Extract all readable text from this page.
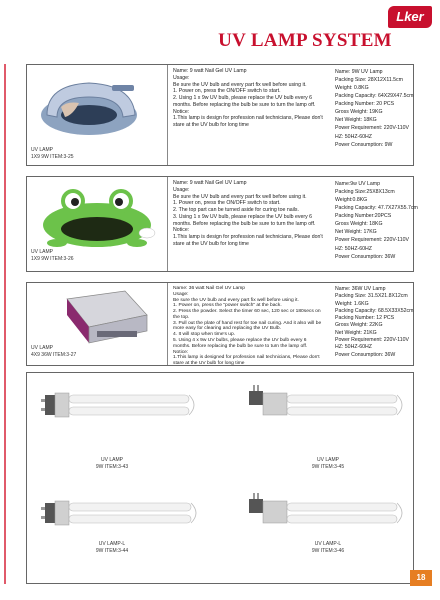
Lker
UV LAMP SYSTEM
UV LAMP
1X9 9W ITEM:3-25
Name: 9 watt Nail Gel UV Lamp
Usage:
Be sure the UV bulb and every part fix well before using it.
1. Power on, press the ON/OFF switch to start.
2. Using 1 x 9w UV bulb, please replace the UV bulb every 6 months. Before replacing the bulb be sure to turn the lamp off.
Notice:
1.This lamp is design for profession nail technicians, Please don't stare at the UV bulb for long time
Name: 9W UV Lamp
Packing Size: 28X12X11.5cm
Weight: 0.8KG
Packing Capacity: 64X29X47.5cm
Packing Number: 20 PCS
Gross Weight: 19KG
Net Weight: 18KG
Power Requirement: 220V-110V
HZ: 50HZ-60HZ
Power Consumption: 9W
UV LAMP
1X9 9W ITEM:3-26
Name: 9 watt Nail Gel UV Lamp
Usage:
Be sure the UV bulb and every part fix well before using it.
1. Power on, press the ON/OFF switch to start.
2. The top part can be turned aside for curing toe nails.
3. Using 1 x 9w UV bulb, please replace the UV bulb every 6 months. Before replacing the bulb be sure to turn the lamp off.
Notice:
1.This lamp is design for profession nail technicians, Please don't stare at the UV bulb for long time
Name:9w UV Lamp
Packing Size:25X8X13cm
Weight:0.8KG
Packing Capacity: 47.7X27X55.7cm
Packing Number:20PCS
Gross Weight: 18KG
Net Weight: 17KG
Power Requirement: 220V-110V
HZ: 50HZ-60HZ
Power Consumption: 36W
UV LAMP
4X9 36W ITEM:3-27
Name: 36 watt Nail Gel UV Lamp
Usage:
Be sure the UV bulb and every part fix well before using it.
1. Power on, press the "power switch" at the back.
2. Press the powder. Select the timer 60 sec, 120 sec or 180secs on the top.
3. Pull out the plate of hand rest for toe nail curing. And it also will be more easy for clearing and replacing the UV Bulb.
4. It will stop when time's up.
5. Using 4 x 9w UV bulbs, please replace the UV bulb every 6 months. Before replacing the bulb be sure to turn the lamp off.
Notice:
1.This lamp is designed for profession nail technicians, Please don't stare at the UV bulb for long time
Name: 36W UV Lamp
Packing Size: 31.5X21.8X12cm
Weight: 1.6KG
Packing Capacity: 68.5X33X52cm
Packing Number: 12 PCS
Gross Weight: 22KG
Net Weight: 21KG
Power Requirement: 220V-110V
HZ: 50HZ-60HZ
Power Consumption: 36W
UV LAMP
9W ITEM:3-43
UV LAMP
9W ITEM:3-45
UV LAMP-L
9W ITEM:3-44
UV LAMP-L
9W ITEM:3-46
18
